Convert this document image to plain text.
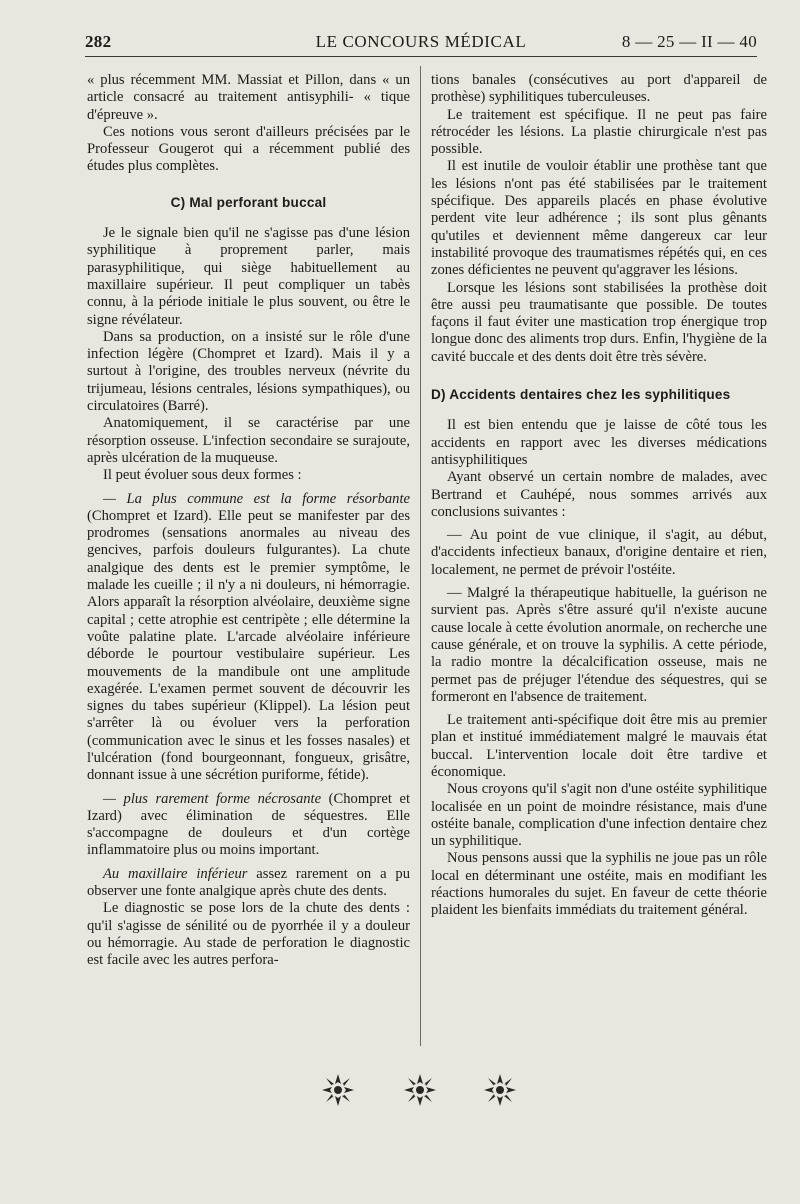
282	LE CONCOURS MÉDICAL	8 — 25 — II — 40

« plus récemment MM. Massiat et Pillon, dans « un article consacré au traitement antisyphili- « tique d'épreuve ».

Ces notions vous seront d'ailleurs précisées par le Professeur Gougerot qui a récemment publié des études plus complètes.

C) Mal perforant buccal

Je le signale bien qu'il ne s'agisse pas d'une lésion syphilitique à proprement parler, mais parasyphilitique, qui siège habituellement au maxillaire supérieur. Il peut compliquer un tabès connu, à la période initiale le plus souvent, ou être le signe révélateur.

Dans sa production, on a insisté sur le rôle d'une infection légère (Chompret et Izard). Mais il y a surtout à l'origine, des troubles nerveux (névrite du trijumeau, lésions centrales, lésions sympathiques), ou circulatoires (Barré).

Anatomiquement, il se caractérise par une résorption osseuse. L'infection secondaire se surajoute, après ulcération de la muqueuse.

Il peut évoluer sous deux formes :

— La plus commune est la forme résorbante (Chompret et Izard). Elle peut se manifester par des prodromes (sensations anormales au niveau des gencives, parfois douleurs fulgurantes). La chute analgique des dents est le premier symptôme, le malade les cueille ; il n'y a ni douleurs, ni hémorragie. Alors apparaît la résorption alvéolaire, deuxième signe capital ; cette atrophie est centripète ; elle détermine la voûte palatine plate. L'arcade alvéolaire inférieure déborde le pourtour vestibulaire supérieur. Les mouvements de la mandibule ont une amplitude exagérée. L'examen permet souvent de découvrir les signes du tabes supérieur (Klippel). La lésion peut s'arrêter là ou évoluer vers la perforation (communication avec le sinus et les fosses nasales) et l'ulcération (fond bourgeonnant, fongueux, grisâtre, donnant issue à une sécrétion puriforme, fétide).

— plus rarement forme nécrosante (Chompret et Izard) avec élimination de séquestres. Elle s'accompagne de douleurs et d'un cortège inflammatoire plus ou moins important.

Au maxillaire inférieur assez rarement on a pu observer une fonte analgique après chute des dents.

Le diagnostic se pose lors de la chute des dents : qu'il s'agisse de sénilité ou de pyorrhée il y a douleur ou hémorragie. Au stade de perforation le diagnostic est facile avec les autres perfora-

tions banales (consécutives au port d'appareil de prothèse) syphilitiques tuberculeuses.

Le traitement est spécifique. Il ne peut pas faire rétrocéder les lésions. La plastie chirurgicale n'est pas possible.

Il est inutile de vouloir établir une prothèse tant que les lésions n'ont pas été stabilisées par le traitement spécifique. Des appareils placés en phase évolutive perdent vite leur adhérence ; ils sont plus gênants qu'utiles et deviennent même dangereux car leur instabilité provoque des traumatismes répétés qui, en ces zones déficientes ne peuvent qu'aggraver les lésions.

Lorsque les lésions sont stabilisées la prothèse doit être aussi peu traumatisante que possible. De toutes façons il faut éviter une mastication trop énergique trop longue donc des aliments trop durs. Enfin, l'hygiène de la cavité buccale et des dents doit être très sévère.

D) Accidents dentaires chez les syphilitiques

Il est bien entendu que je laisse de côté tous les accidents en rapport avec les diverses médications antisyphilitiques

Ayant observé un certain nombre de malades, avec Bertrand et Cauhépé, nous sommes arrivés aux conclusions suivantes :

— Au point de vue clinique, il s'agit, au début, d'accidents infectieux banaux, d'origine dentaire et rien, localement, ne permet de prévoir l'ostéite.

— Malgré la thérapeutique habituelle, la guérison ne survient pas. Après s'être assuré qu'il n'existe aucune cause locale à cette évolution anormale, on recherche une cause générale, et on trouve la syphilis. A cette période, la radio montre la décalcification osseuse, mais ne permet pas de préjuger l'étendue des séquestres, qui se formeront en l'absence de traitement.

Le traitement anti-spécifique doit être mis au premier plan et institué immédiatement malgré le mauvais état buccal. L'intervention locale doit être tardive et économique.

Nous croyons qu'il s'agit non d'une ostéite syphilitique localisée en un point de moindre résistance, mais d'une ostéite banale, complication d'une infection dentaire chez un syphilitique.

Nous pensons aussi que la syphilis ne joue pas un rôle local en déterminant une ostéite, mais en modifiant les réactions humorales du sujet. En faveur de cette théorie plaident les bienfaits immédiats du traitement général.
